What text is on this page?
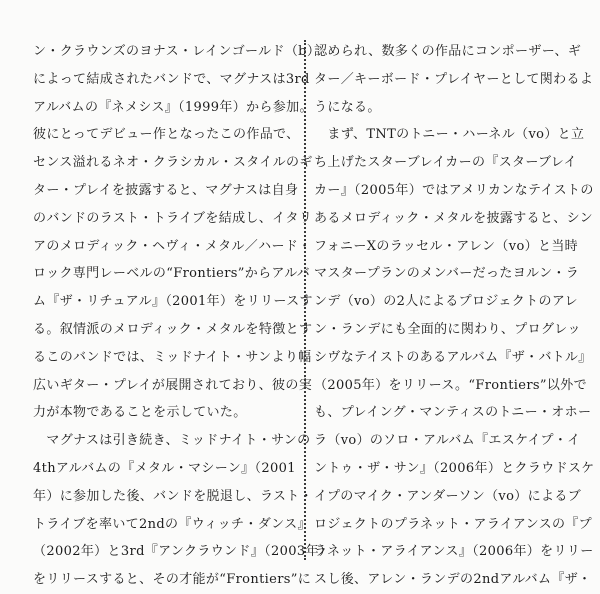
ン・クラウンズのヨナス・レインゴールド（b）
によって結成されたバンドで、マグナスは3rd
アルバムの『ネメシス』（1999年）から参加。
彼にとってデビュー作となったこの作品で、
センス溢れるネオ・クラシカル・スタイルのギ
ター・プレイを披露すると、マグナスは自身
のバンドのラスト・トライブを結成し、イタリ
アのメロディック・ヘヴィ・メタル／ハード・
ロック専門レーベルの“Frontiers”からアルバ
ム『ザ・リチュアル』（2001年）をリリースす
る。叙情派のメロディック・メタルを特徴とす
るこのバンドでは、ミッドナイト・サンより幅
広いギター・プレイが展開されており、彼の実
力が本物であることを示していた。
　マグナスは引き続き、ミッドナイト・サンの
4thアルバムの『メタル・マシーン』（2001
年）に参加した後、バンドを脱退し、ラスト・
トライブを率いて2ndの『ウィッチ・ダンス』
（2002年）と3rd『アンクラウンド』（2003年）
をリリースすると、その才能が“Frontiers”に
認められ、数多くの作品にコンポーザー、ギ
ター／キーボード・プレイヤーとして関わるよ
うになる。
　まず、TNTのトニー・ハーネル（vo）と立
ち上げたスターブレイカーの『スターブレイ
カー』（2005年）ではアメリカンなテイストの
あるメロディック・メタルを披露すると、シン
フォニーXのラッセル・アレン（vo）と当時
マスタープランのメンバーだったヨルン・ラ
ンデ（vo）の2人によるプロジェクトのアレ
ン・ランデにも全面的に関わり、プログレッ
シヴなテイストのあるアルバム『ザ・バトル』
（2005年）をリリース。“Frontiers”以外で
も、プレイング・マンティスのトニー・オホー
ラ（vo）のソロ・アルバム『エスケイプ・イ
ントゥ・ザ・サン』（2006年）とクラウドスケ
イプのマイク・アンダーソン（vo）によるブ
ロジェクトのプラネット・アライアンスの『プ
ラネット・アライアンス』（2006年）をリリー
スし後、アレン・ランデの2ndアルバム『ザ・
